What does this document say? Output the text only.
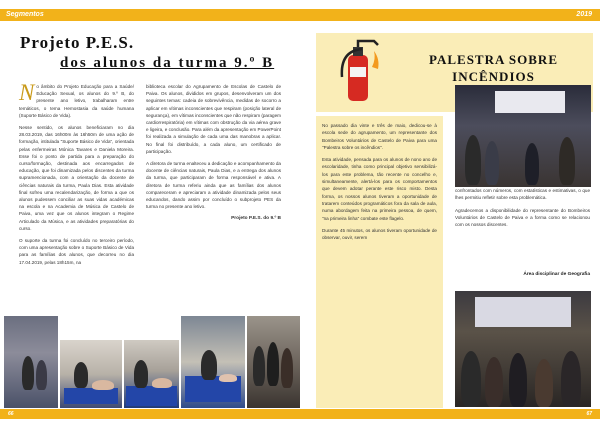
Segmentos	2019
Projeto P.E.S.
dos alunos da turma 9.º B

No âmbito do Projeto Educação para a Saúde/ Educação Sexual, os alunos do 9.º B, do presente ano letivo, trabalharam entre temáticos, o tema Hemostasia da saúde humana (Suporte Básico de Vida).

Nesse sentido, os alunos beneficiaram no dia 28.03.2019, das 16h00m às 16h50m de uma ação de formação, intitulada "Suporte Básico de Vida", orientada pelas enfermeiras Mónica Tavares e Daniela Moreira. Esse foi o ponto de partida para a preparação do curso/formação, destinada aos encarregados de educação, que foi dinamizada pelos discentes da turma supramencionada, com a orientação da docente de ciências naturais da turma, Paula Dias. Esta atividade final sofreu uma recalendarização, de forma a que os alunos pudessem conciliar as suas vidas académicas na escola e na Academia de Música de Castelo de Paiva, uma vez que os alunos integram o Regime Articulado da Música, e as atividades preparatórias do curso.

O suporte da turma foi concluído no terceiro período, com uma apresentação sobre o Suporte Básico de Vida para as famílias dos alunos, que decorreu no dia 17.04.2019, pelas 18h15m, na

biblioteca escolar do Agrupamento de Escolas de Castelo de Paiva. Os alunos, divididos em grupos, desenvolveram um dos seguintes temas: cadeia de sobrevivência, medidas de socorro a aplicar em vítimas inconscientes que respiram (posição lateral de segurança), em vítimas inconscientes que não respiram (paragem cardiorrespiratória) em vítimas com obstrução da via aérea grave e ligeira, e conclusão. Para além da apresentação em PowerPoint foi realizada a simulação de cada uma das manobras a aplicar. No final foi distribuído, a cada aluno, um certificado de participação.

A diretora de turma enalteceu a dedicação e acompanhamento da docente de ciências naturais, Paula Dias, e a entrega dos alunos da turma, que participaram de forma responsável e ativa. A diretora de turma referiu ainda que as famílias dos alunos compareceram e apreciaram a atividade dinamizada pelos seus educandos, dando assim por concluído o subprojeto PES da turma no presente ano letivo.

Projeto P.E.S. do 9.º B
PALESTRA SOBRE INCÊNDIOS

No passado dia vinte e três de maio, dedicou-se à escola sede do agrupamento, um representante dos Bombeiros Voluntários de Castelo de Paiva para uma "Palestra sobre os incêndios".

Esta atividade, pensada para os alunos de nono ano de escolaridade, tinha como principal objetivo sensibilizá-los para este problema, tão recente no concelho e, simultaneamente, alertá-los para os comportamentos que devem adotar perante este risco misto. Desta forma, os nossos alunos tiveram a oportunidade de tratarem conteúdos programáticos fora da sala de aula, numa abordagem feita na primeira pessoa, de quem, "na primeira linha" combate este flagelo.

Durante 45 minutos, os alunos tiveram oportunidade de observar, ouvir, serem

confrontados com números, com estatísticas e estimativas, o que lhes permitiu refletir sobre esta problemática.

Agradecemos a disponibilidade do representante do Bombeiros Voluntários de Castelo de Paiva e a forma como se relacionou com os nossos discentes.

Área disciplinar de Geografia
66	67
